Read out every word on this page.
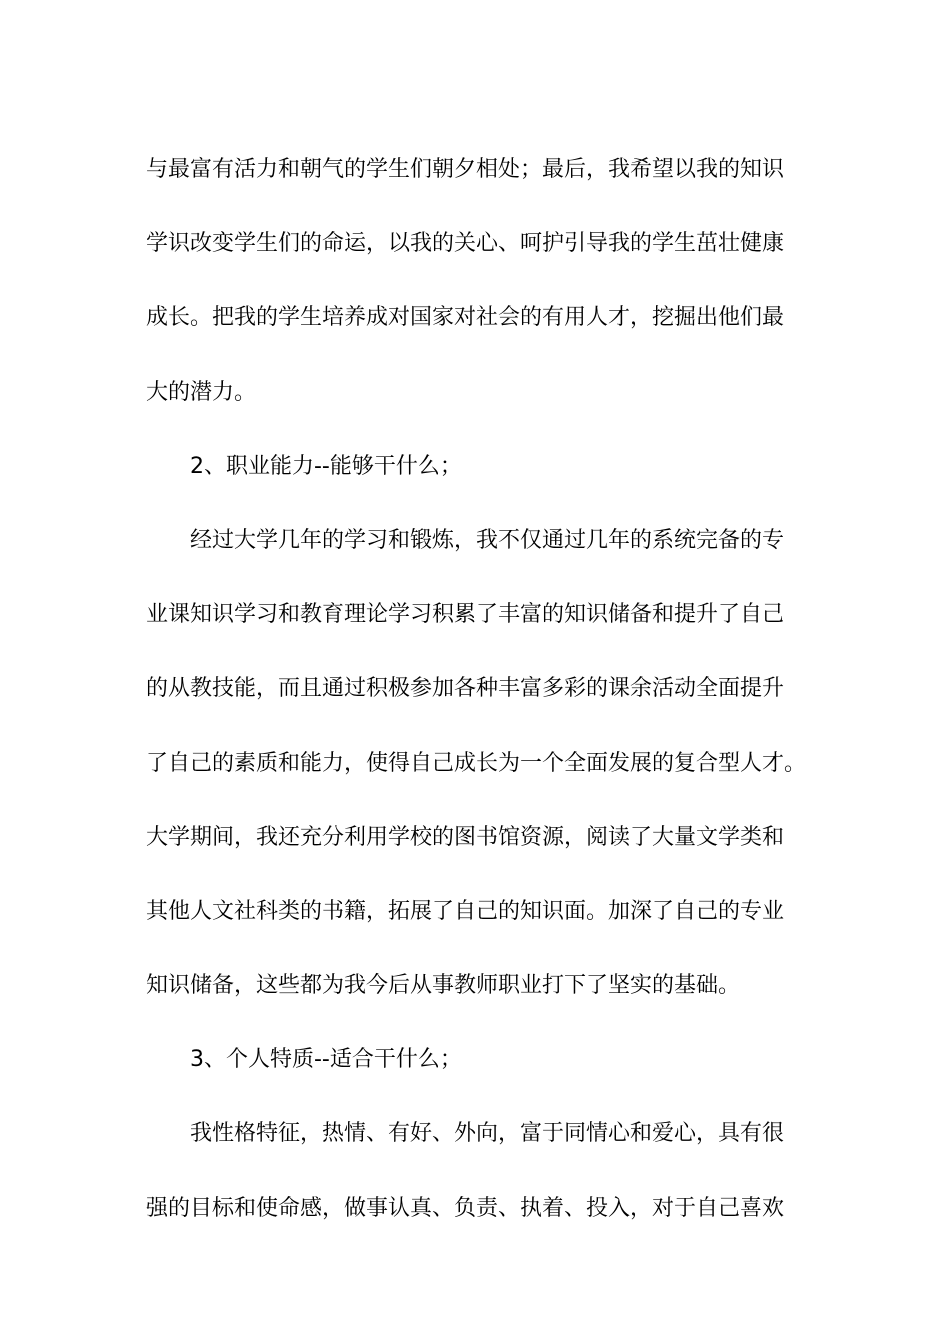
与最富有活力和朝气的学生们朝夕相处；最后，我希望以我的知识
学识改变学生们的命运，以我的关心、呵护引导我的学生茁壮健康
成长。把我的学生培养成对国家对社会的有用人才，挖掘出他们最
大的潜力。
2、职业能力--能够干什么；
经过大学几年的学习和锻炼，我不仅通过几年的系统完备的专
业课知识学习和教育理论学习积累了丰富的知识储备和提升了自己
的从教技能，而且通过积极参加各种丰富多彩的课余活动全面提升
了自己的素质和能力，使得自己成长为一个全面发展的复合型人才。
大学期间，我还充分利用学校的图书馆资源，阅读了大量文学类和
其他人文社科类的书籍，拓展了自己的知识面。加深了自己的专业
知识储备，这些都为我今后从事教师职业打下了坚实的基础。
3、个人特质--适合干什么；
我性格特征，热情、有好、外向，富于同情心和爱心，具有很
强的目标和使命感，做事认真、负责、执着、投入，对于自己喜欢
